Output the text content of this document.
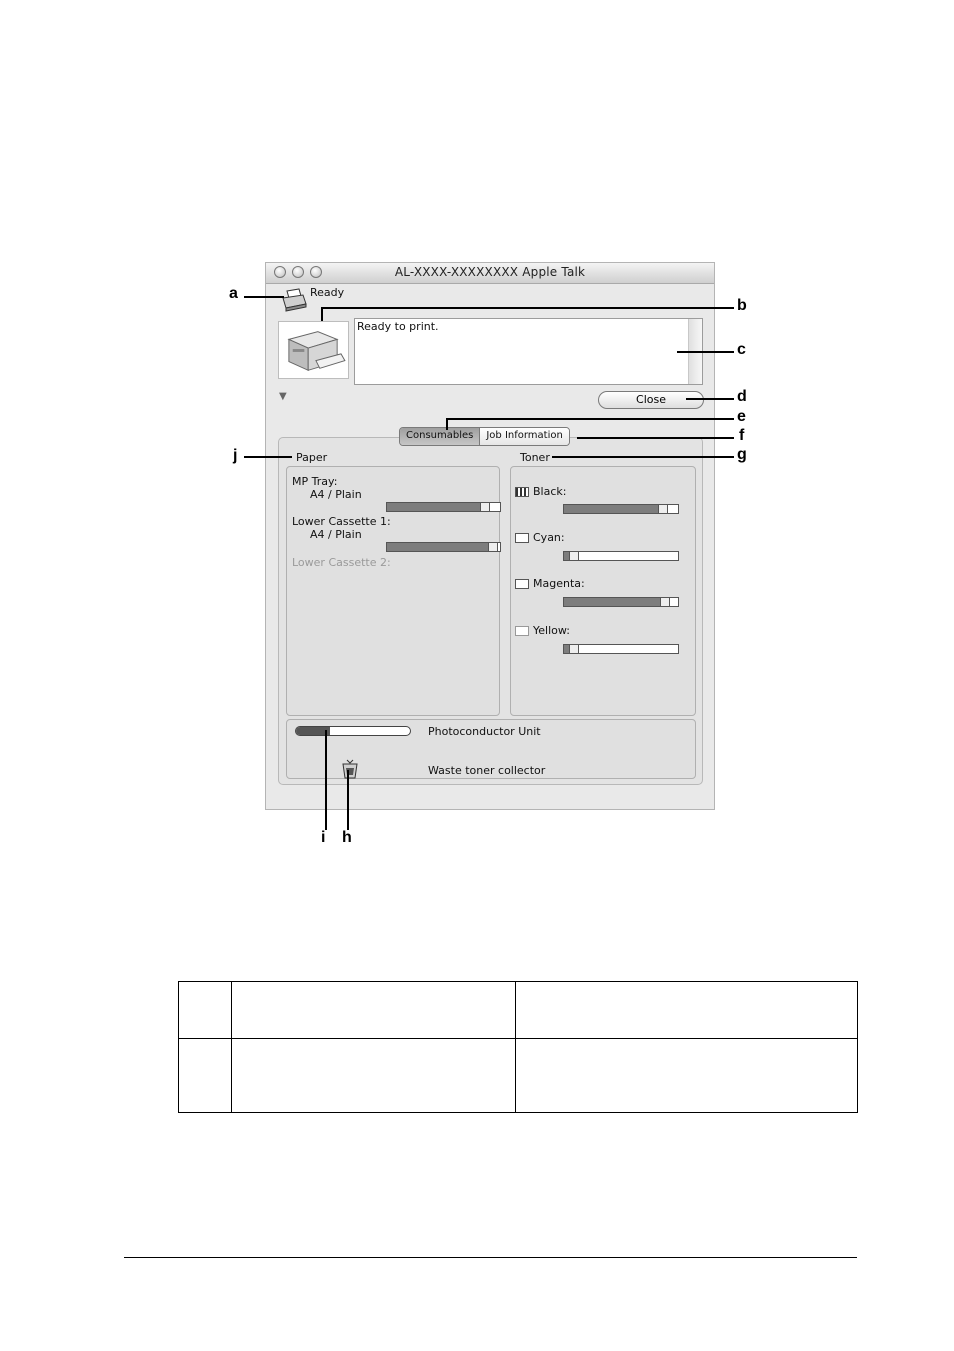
AL-XXXX-XXXXXXXX Apple Talk
Ready
Ready to print.
▼	Close
Paper
MP Tray:
A4 / Plain
Lower Cassette 1:
A4 / Plain
Lower Cassette 2:
Toner
Black:
Cyan:
Magenta:
Yellow:
Photoconductor Unit
Waste toner collector
Consumables	Job Information
a
b
c
d
e
f
g
j
i h
